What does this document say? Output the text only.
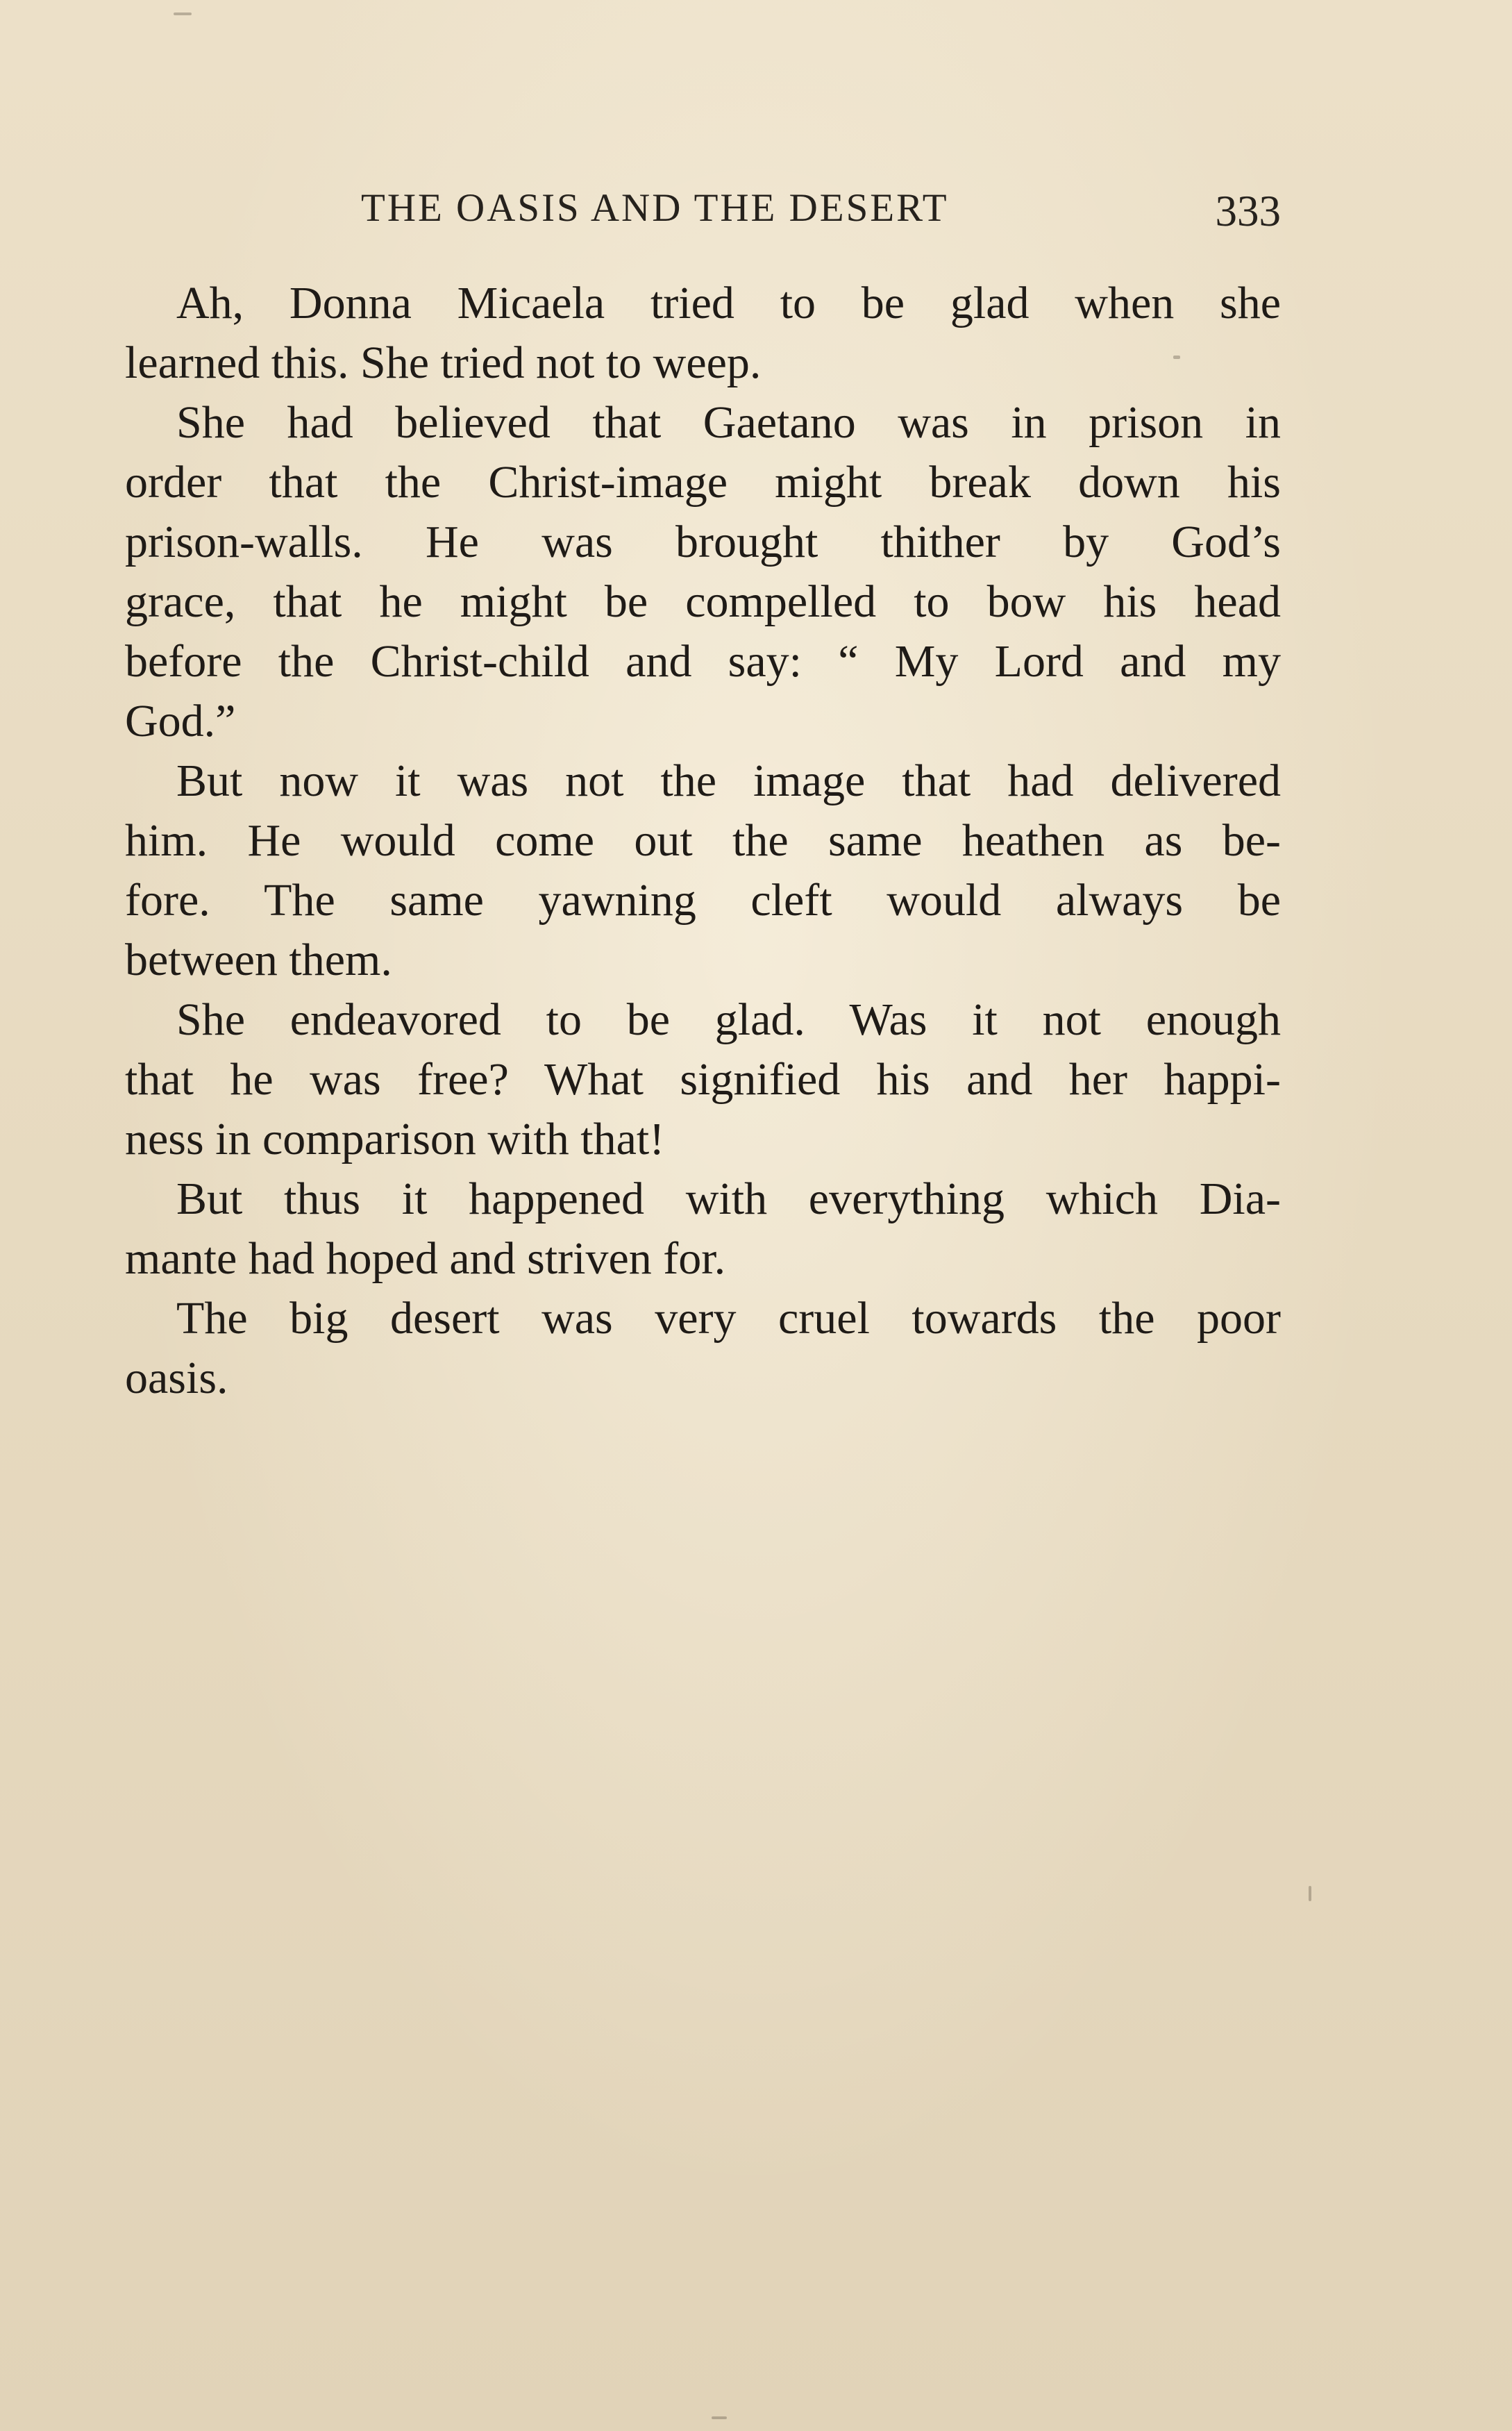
THE OASIS AND THE DESERT	333

Ah, Donna Micaela tried to be glad when she
learned this. She tried not to weep.

She had believed that Gaetano was in prison in
order that the Christ-image might break down his
prison-walls. He was brought thither by God’s
grace, that he might be compelled to bow his head
before the Christ-child and say: “ My Lord and my
God.”

But now it was not the image that had delivered
him. He would come out the same heathen as be-
fore. The same yawning cleft would always be
between them.

She endeavored to be glad. Was it not enough
that he was free? What signified his and her happi-
ness in comparison with that!

But thus it happened with everything which Dia-
mante had hoped and striven for.

The big desert was very cruel towards the poor
oasis.
